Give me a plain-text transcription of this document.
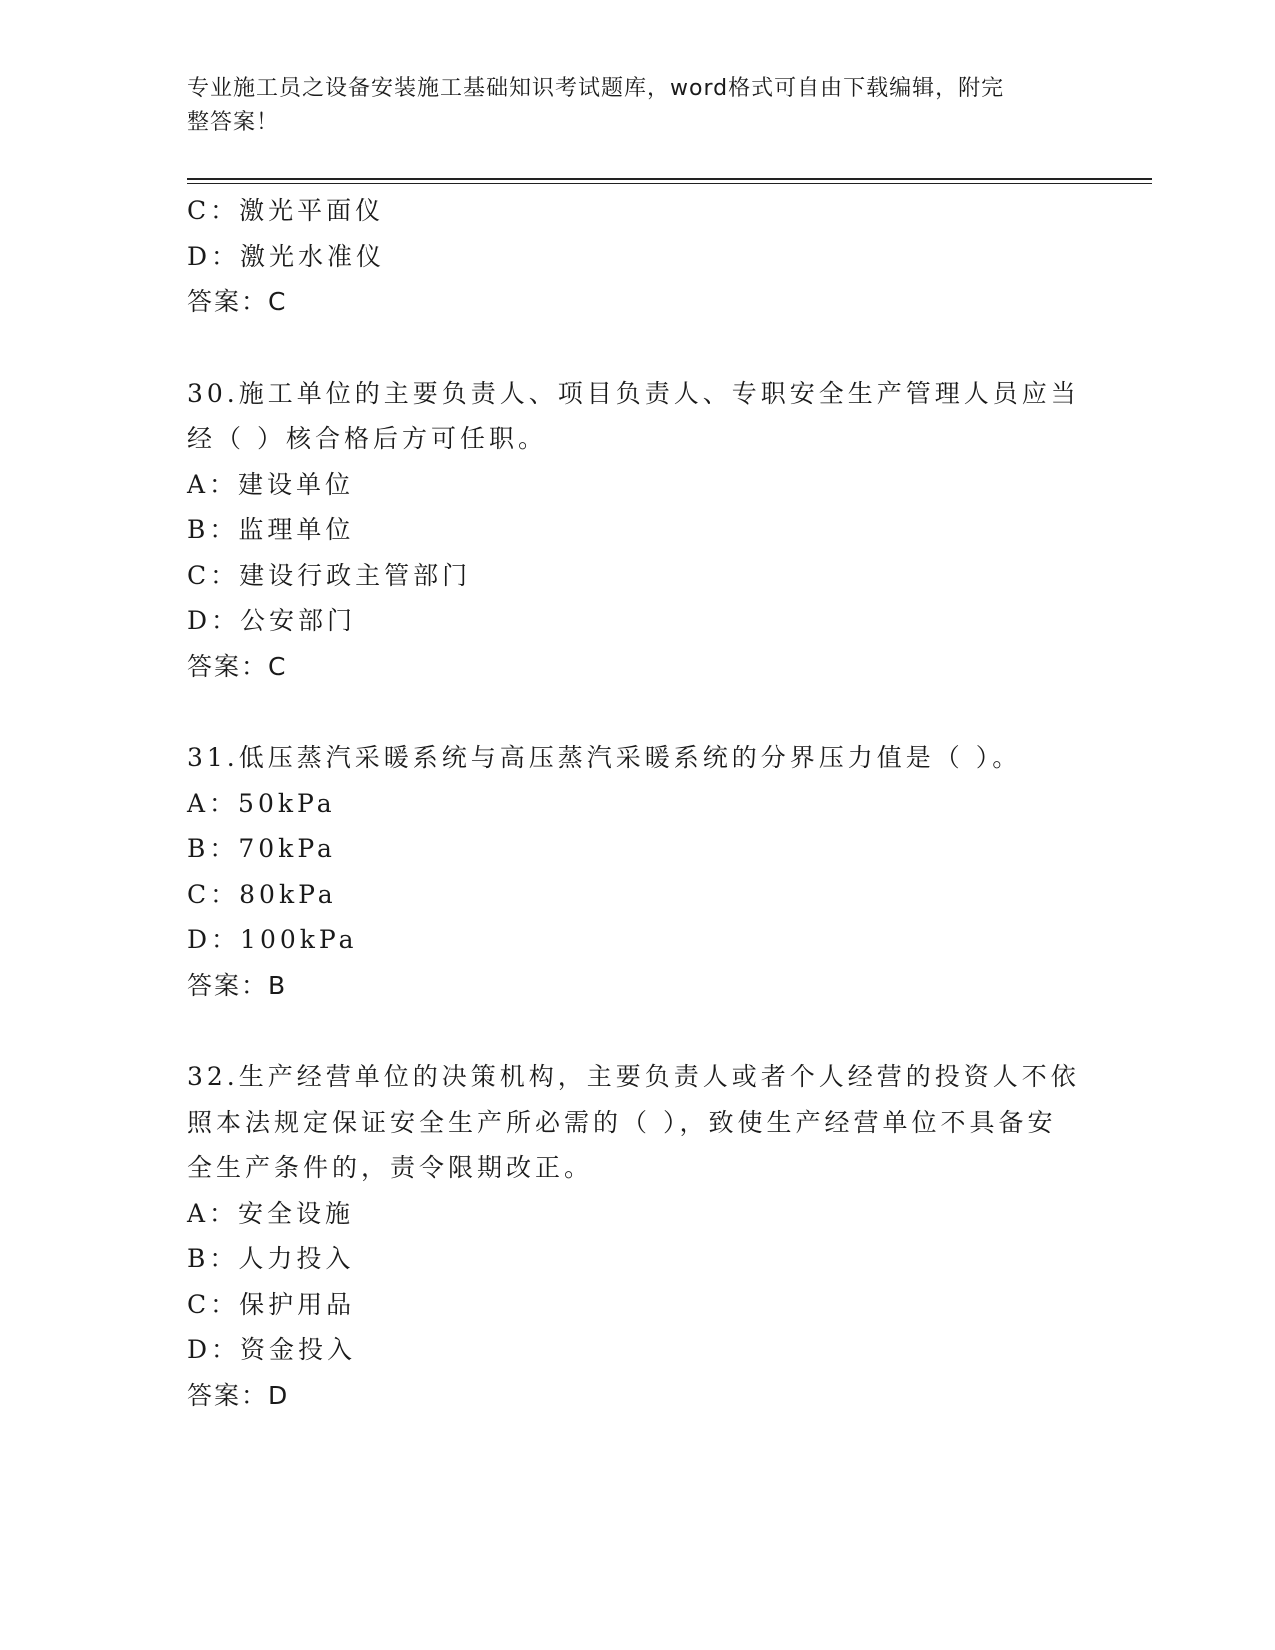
专业施工员之设备安装施工基础知识考试题库，word格式可自由下载编辑，附完
整答案！
C：激光平面仪
D：激光水准仪
答案：C
30.施工单位的主要负责人、项目负责人、专职安全生产管理人员应当
经（ ）核合格后方可任职。
A：建设单位
B：监理单位
C：建设行政主管部门
D：公安部门
答案：C
31.低压蒸汽采暖系统与高压蒸汽采暖系统的分界压力值是（ ）。
A：50kPa
B：70kPa
C：80kPa
D：100kPa
答案：B
32.生产经营单位的决策机构，主要负责人或者个人经营的投资人不依
照本法规定保证安全生产所必需的（ ），致使生产经营单位不具备安
全生产条件的，责令限期改正。
A：安全设施
B：人力投入
C：保护用品
D：资金投入
答案：D
